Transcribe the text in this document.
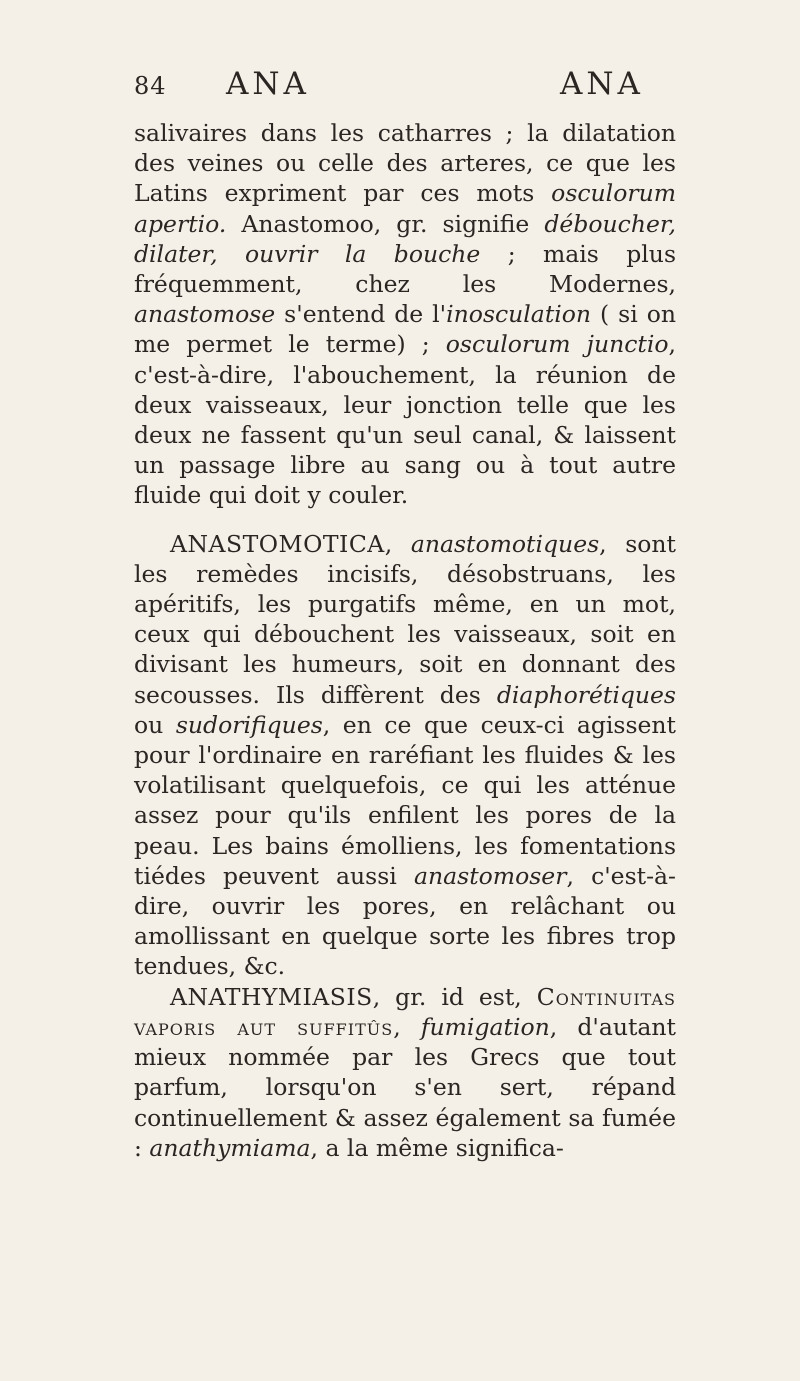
84 ANA	ANA

salivaires dans les catharres ; la dilatation des veines ou celle des arteres, ce que les Latins expriment par ces mots osculorum apertio. Anastomoo, gr. signifie déboucher, dilater, ouvrir la bouche ; mais plus fréquemment, chez les Modernes, anastomose s'entend de l'inosculation ( si on me permet le terme) ; osculorum junctio, c'est-à-dire, l'abouchement, la réunion de deux vaisseaux, leur jonction telle que les deux ne fassent qu'un seul canal, & laissent un passage libre au sang ou à tout autre fluide qui doit y couler.

ANASTOMOTICA, anastomotiques, sont les remèdes incisifs, désobstruans, les apéritifs, les purgatifs même, en un mot, ceux qui débouchent les vaisseaux, soit en divisant les humeurs, soit en donnant des secousses. Ils diffèrent des diaphorétiques ou sudorifiques, en ce que ceux-ci agissent pour l'ordinaire en raréfiant les fluides & les volatilisant quelquefois, ce qui les atténue assez pour qu'ils enfilent les pores de la peau. Les bains émolliens, les fomentations tiédes peuvent aussi anastomoser, c'est-à-dire, ouvrir les pores, en relâchant ou amollissant en quelque sorte les fibres trop tendues, &c.

ANATHYMIASIS, gr. id est, Continuitas vaporis aut suffitûs, fumigation, d'autant mieux nommée par les Grecs que tout parfum, lorsqu'on s'en sert, répand continuellement & assez également sa fumée : anathymiama, a la même significa-
